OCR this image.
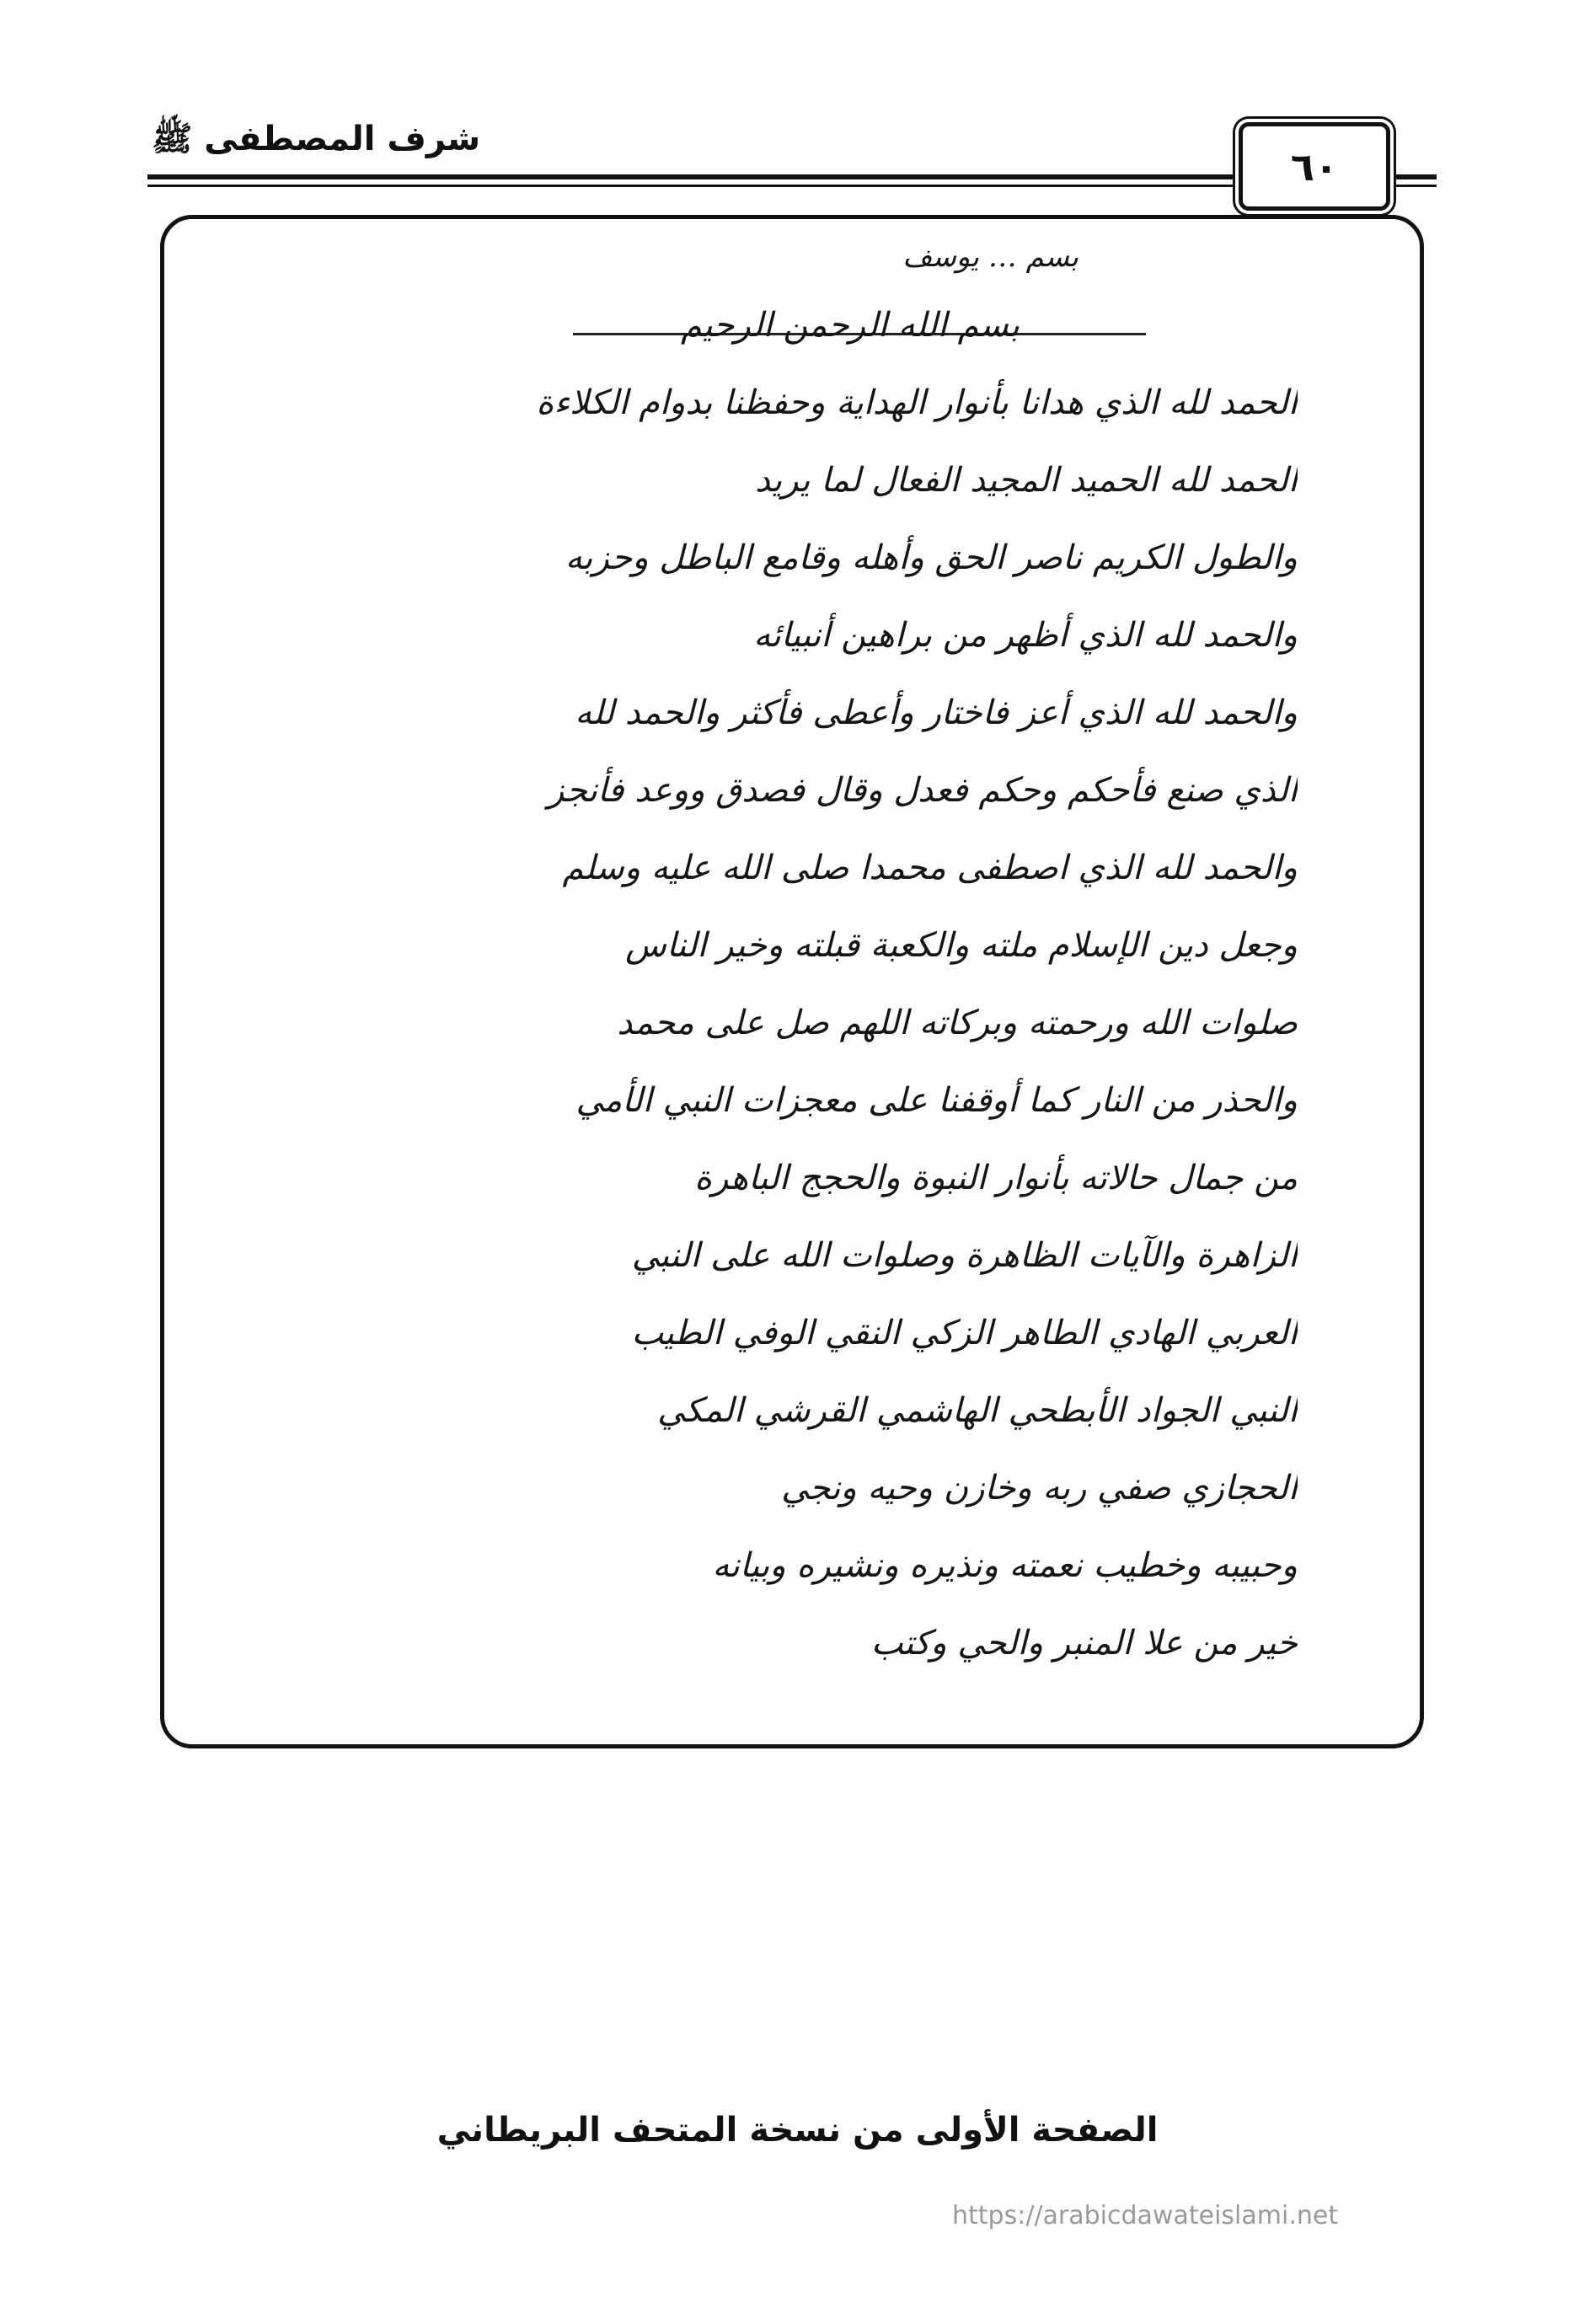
شرف المصطفى ﷺ
٦٠
بسم … يوسف
بسم الله الرحمن الرحيم
الحمد لله الذي هدانا بأنوار الهداية وحفظنا بدوام الكلاءة
الحمد لله الحميد المجيد الفعال لما يريد
والطول الكريم ناصر الحق وأهله وقامع الباطل وحزبه
والحمد لله الذي أظهر من براهين أنبيائه
والحمد لله الذي أعز فاختار وأعطى فأكثر والحمد لله
الذي صنع فأحكم وحكم فعدل وقال فصدق ووعد فأنجز
والحمد لله الذي اصطفى محمدا صلى الله عليه وسلم
وجعل دين الإسلام ملته والكعبة قبلته وخير الناس
صلوات الله ورحمته وبركاته اللهم صل على محمد
والحذر من النار كما أوقفنا على معجزات النبي الأمي
من جمال حالاته بأنوار النبوة والحجج الباهرة
الزاهرة والآيات الظاهرة وصلوات الله على النبي
العربي الهادي الطاهر الزكي النقي الوفي الطيب
النبي الجواد الأبطحي الهاشمي القرشي المكي
الحجازي صفي ربه وخازن وحيه ونجي
وحبيبه وخطيب نعمته ونذيره ونشيره وبيانه
خير من علا المنبر والحي وكتب
الصفحة الأولى من نسخة المتحف البريطاني
https://arabicdawateislami.net
